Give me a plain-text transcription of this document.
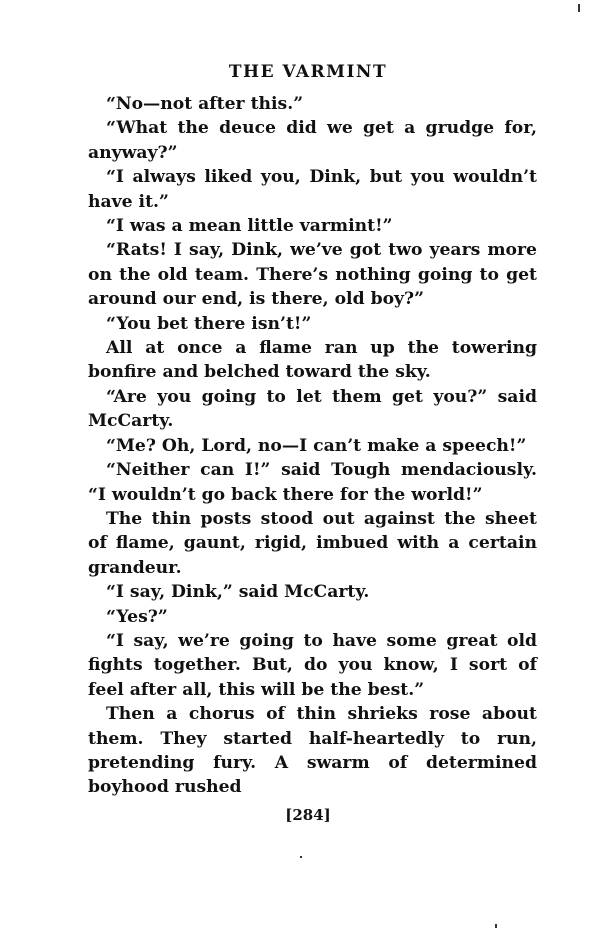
THE VARMINT

“No—not after this.”

“What the deuce did we get a grudge for, anyway?”

“I always liked you, Dink, but you wouldn’t have it.”

“I was a mean little varmint!”

“Rats! I say, Dink, we’ve got two years more on the old team. There’s nothing going to get around our end, is there, old boy?”

“You bet there isn’t!”

All at once a flame ran up the towering bonfire and belched toward the sky.

“Are you going to let them get you?” said McCarty.

“Me? Oh, Lord, no—I can’t make a speech!”

“Neither can I!” said Tough mendaciously. “I wouldn’t go back there for the world!”

The thin posts stood out against the sheet of flame, gaunt, rigid, imbued with a certain grandeur.

“I say, Dink,” said McCarty.

“Yes?”

“I say, we’re going to have some great old fights together. But, do you know, I sort of feel after all, this will be the best.”

Then a chorus of thin shrieks rose about them. They started half-heartedly to run, pretending fury. A swarm of determined boyhood rushed

[284]
